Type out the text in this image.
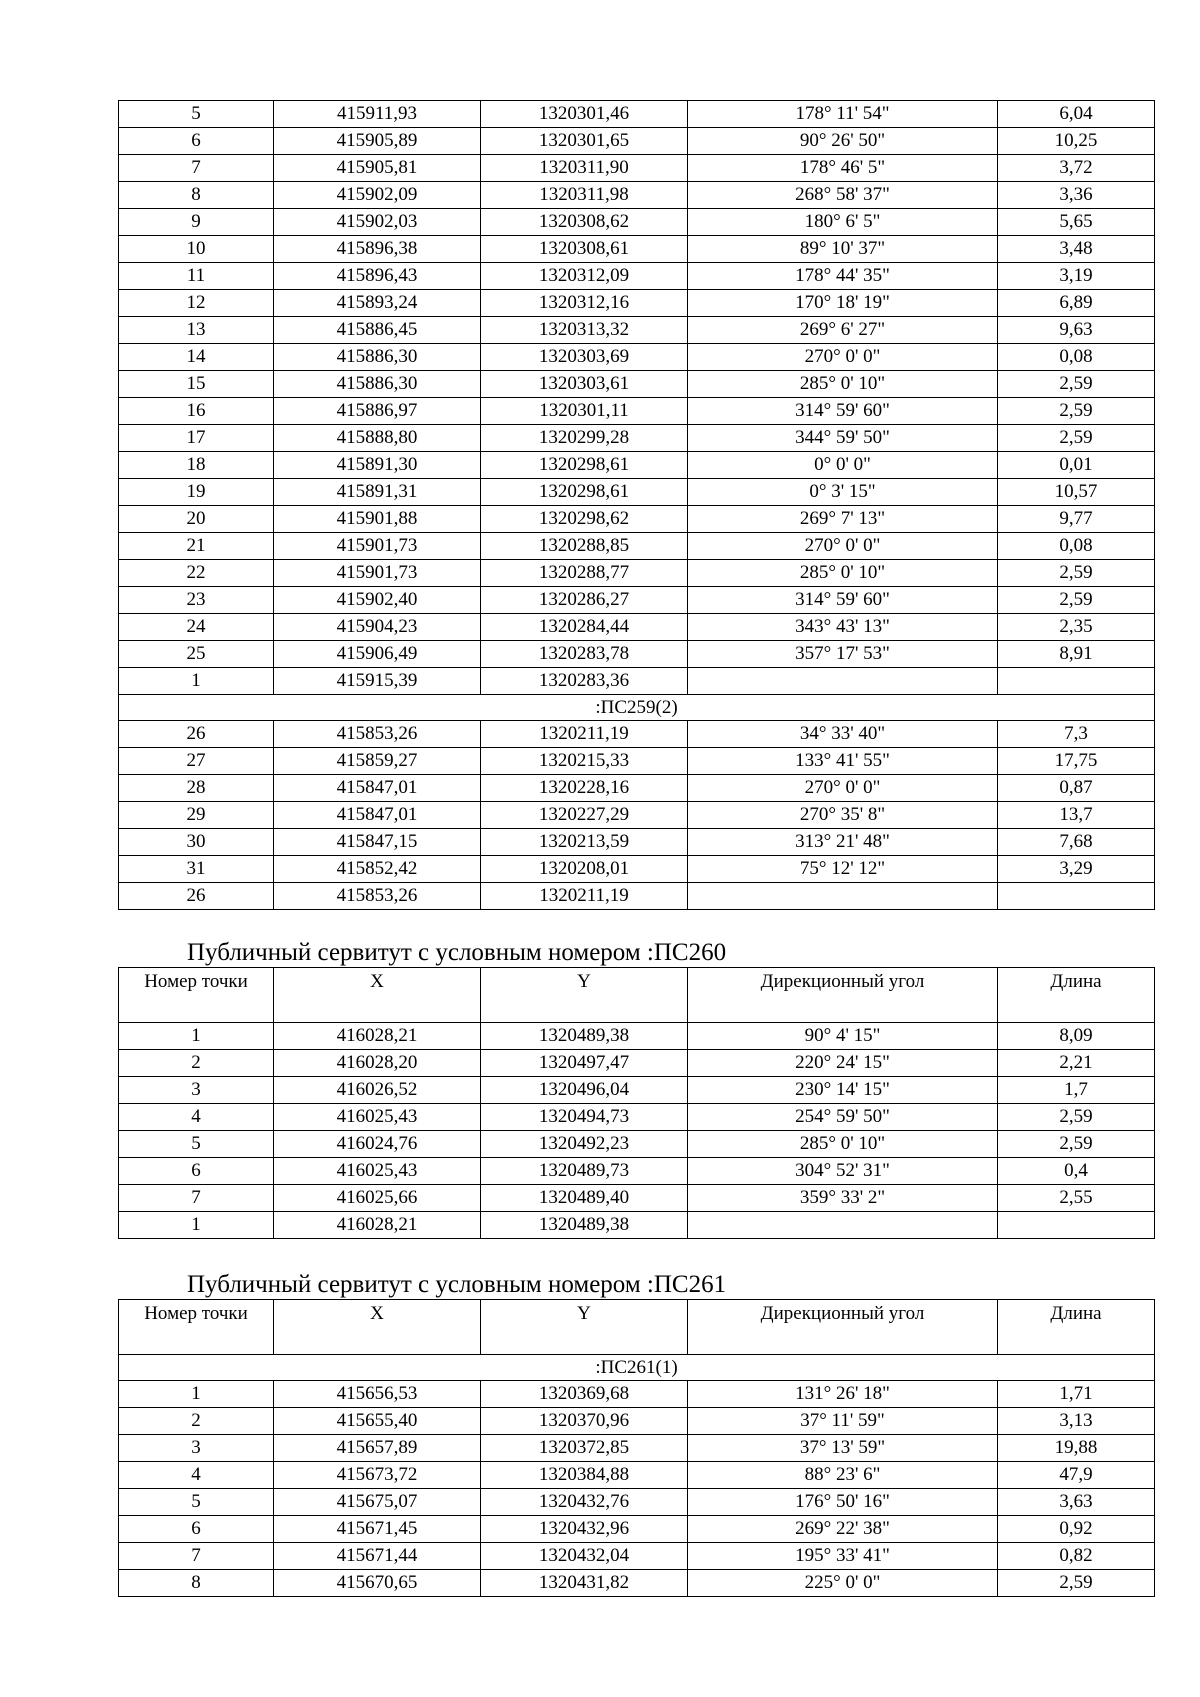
5	415911,93	1320301,46	178° 11' 54"	6,04
6	415905,89	1320301,65	90° 26' 50"	10,25
7	415905,81	1320311,90	178° 46' 5"	3,72
8	415902,09	1320311,98	268° 58' 37"	3,36
9	415902,03	1320308,62	180° 6' 5"	5,65
10	415896,38	1320308,61	89° 10' 37"	3,48
11	415896,43	1320312,09	178° 44' 35"	3,19
12	415893,24	1320312,16	170° 18' 19"	6,89
13	415886,45	1320313,32	269° 6' 27"	9,63
14	415886,30	1320303,69	270° 0' 0"	0,08
15	415886,30	1320303,61	285° 0' 10"	2,59
16	415886,97	1320301,11	314° 59' 60"	2,59
17	415888,80	1320299,28	344° 59' 50"	2,59
18	415891,30	1320298,61	0° 0' 0"	0,01
19	415891,31	1320298,61	0° 3' 15"	10,57
20	415901,88	1320298,62	269° 7' 13"	9,77
21	415901,73	1320288,85	270° 0' 0"	0,08
22	415901,73	1320288,77	285° 0' 10"	2,59
23	415902,40	1320286,27	314° 59' 60"	2,59
24	415904,23	1320284,44	343° 43' 13"	2,35
25	415906,49	1320283,78	357° 17' 53"	8,91
1	415915,39	1320283,36		
:ПС259(2)				
26	415853,26	1320211,19	34° 33' 40"	7,3
27	415859,27	1320215,33	133° 41' 55"	17,75
28	415847,01	1320228,16	270° 0' 0"	0,87
29	415847,01	1320227,29	270° 35' 8"	13,7
30	415847,15	1320213,59	313° 21' 48"	7,68
31	415852,42	1320208,01	75° 12' 12"	3,29
26	415853,26	1320211,19		
Публичный сервитут с условным номером :ПС260
Номер точки	X	Y	Дирекционный угол	Длина
1	416028,21	1320489,38	90° 4' 15"	8,09
2	416028,20	1320497,47	220° 24' 15"	2,21
3	416026,52	1320496,04	230° 14' 15"	1,7
4	416025,43	1320494,73	254° 59' 50"	2,59
5	416024,76	1320492,23	285° 0' 10"	2,59
6	416025,43	1320489,73	304° 52' 31"	0,4
7	416025,66	1320489,40	359° 33' 2"	2,55
1	416028,21	1320489,38		
Публичный сервитут с условным номером :ПС261
Номер точки	X	Y	Дирекционный угол	Длина
:ПС261(1)				
1	415656,53	1320369,68	131° 26' 18"	1,71
2	415655,40	1320370,96	37° 11' 59"	3,13
3	415657,89	1320372,85	37° 13' 59"	19,88
4	415673,72	1320384,88	88° 23' 6"	47,9
5	415675,07	1320432,76	176° 50' 16"	3,63
6	415671,45	1320432,96	269° 22' 38"	0,92
7	415671,44	1320432,04	195° 33' 41"	0,82
8	415670,65	1320431,82	225° 0' 0"	2,59
